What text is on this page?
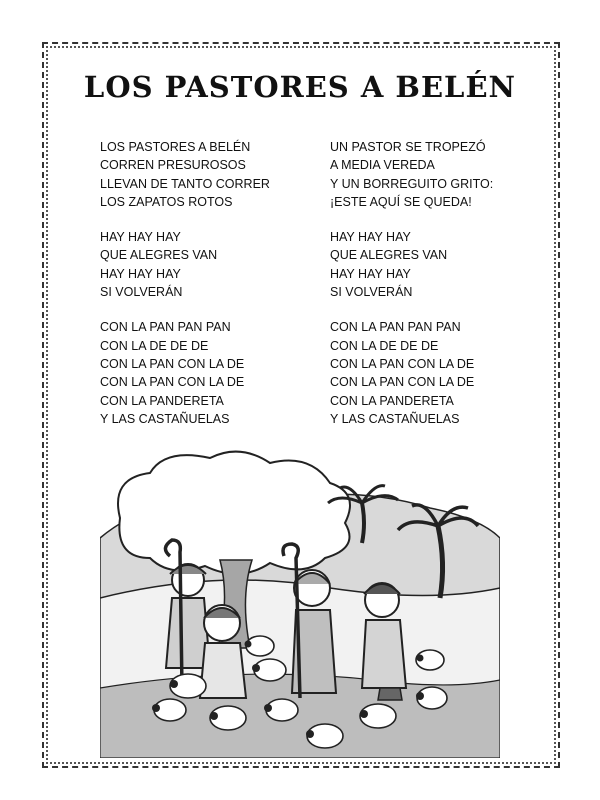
LOS PASTORES A BELÉN
LOS PASTORES A BELÉN
CORREN PRESUROSOS
LLEVAN DE TANTO CORRER
LOS ZAPATOS ROTOS
HAY HAY HAY
QUE ALEGRES VAN
HAY HAY HAY
SI VOLVERÁN
CON LA PAN PAN PAN
CON LA DE DE DE
CON LA PAN CON LA DE
CON LA PAN CON LA DE
CON LA PANDERETA
Y LAS CASTAÑUELAS
UN PASTOR SE TROPEZÓ
A MEDIA VEREDA
Y UN BORREGUITO GRITO:
¡ESTE AQUÍ SE QUEDA!
HAY HAY HAY
QUE ALEGRES VAN
HAY HAY HAY
SI VOLVERÁN
CON LA PAN PAN PAN
CON LA DE DE DE
CON LA PAN CON LA DE
CON LA PAN CON LA DE
CON LA PANDERETA
Y LAS CASTAÑUELAS
